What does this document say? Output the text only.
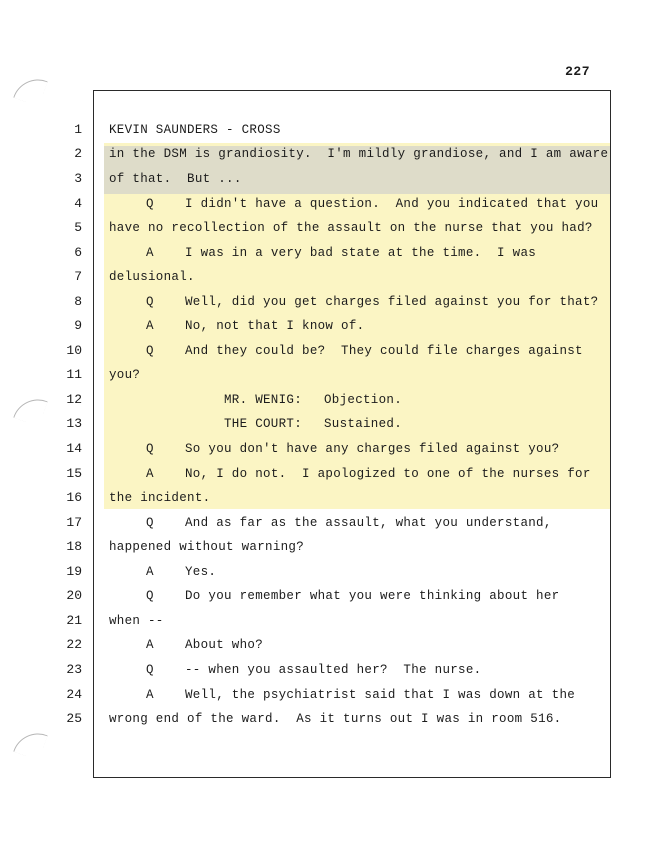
227
1
2
3
4
5
6
7
8
9
10
11
12
13
14
15
16
17
18
19
20
21
22
23
24
25
KEVIN SAUNDERS - CROSS
in the DSM is grandiosity.  I'm mildly grandiose, and I am aware
of that.  But ...
Q I didn't have a question.  And you indicated that you
have no recollection of the assault on the nurse that you had?
A I was in a very bad state at the time.  I was
delusional.
Q Well, did you get charges filed against you for that?
A No, not that I know of.
Q And they could be?  They could file charges against
you?
MR. WENIG: Objection.
THE COURT: Sustained.
Q So you don't have any charges filed against you?
A No, I do not.  I apologized to one of the nurses for
the incident.
Q And as far as the assault, what you understand,
happened without warning?
A Yes.
Q Do you remember what you were thinking about her
when --
A About who?
Q -- when you assaulted her?  The nurse.
A Well, the psychiatrist said that I was down at the
wrong end of the ward.  As it turns out I was in room 516.
